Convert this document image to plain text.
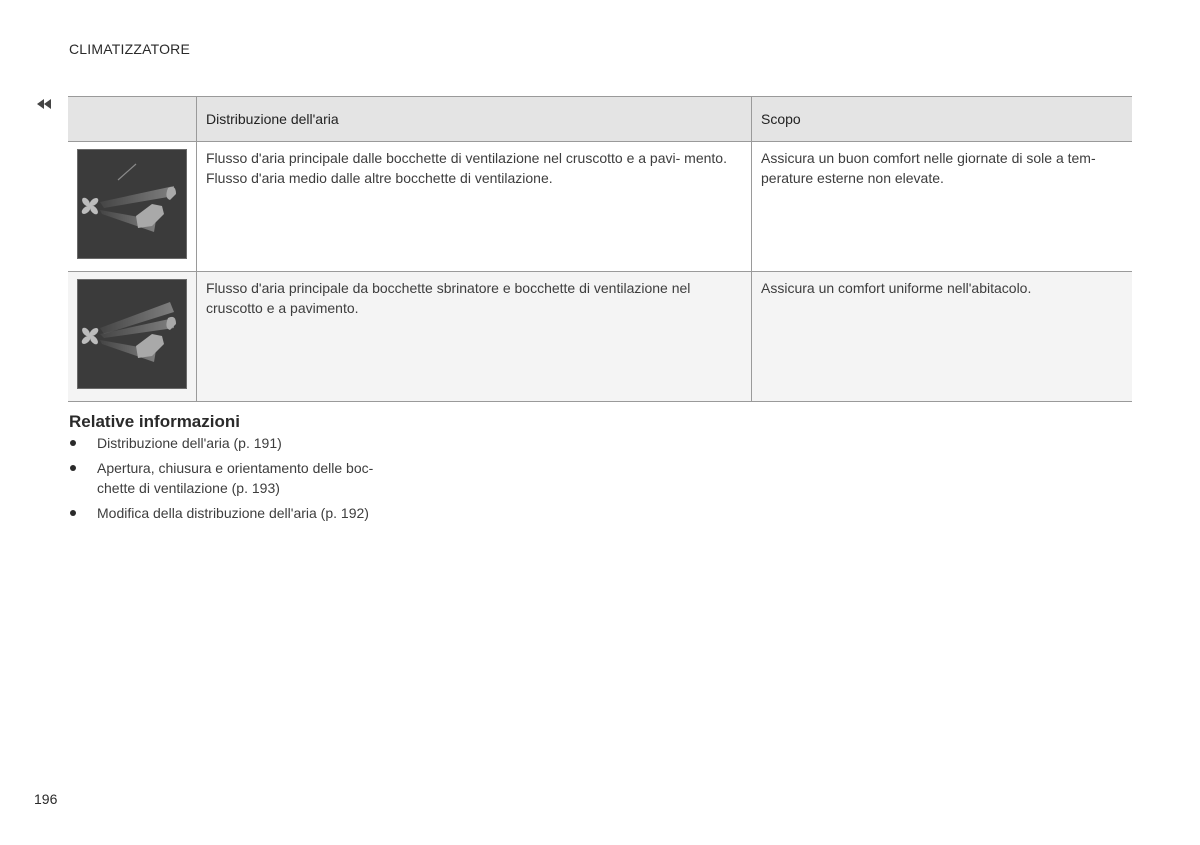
CLIMATIZZATORE
	Distribuzione dell'aria	Scopo

	Flusso d'aria principale dalle bocchette di ventilazione nel cruscotto e a pavi- mento. Flusso d'aria medio dalle altre bocchette di ventilazione.	Assicura un buon comfort nelle giornate di sole a tem- perature esterne non elevate.

	Flusso d'aria principale da bocchette sbrinatore e bocchette di ventilazione nel cruscotto e a pavimento.	Assicura un comfort uniforme nell'abitacolo.
Relative informazioni
Distribuzione dell'aria (p. 191)
Apertura, chiusura e orientamento delle boc- chette di ventilazione (p. 193)
Modifica della distribuzione dell'aria (p. 192)
196
